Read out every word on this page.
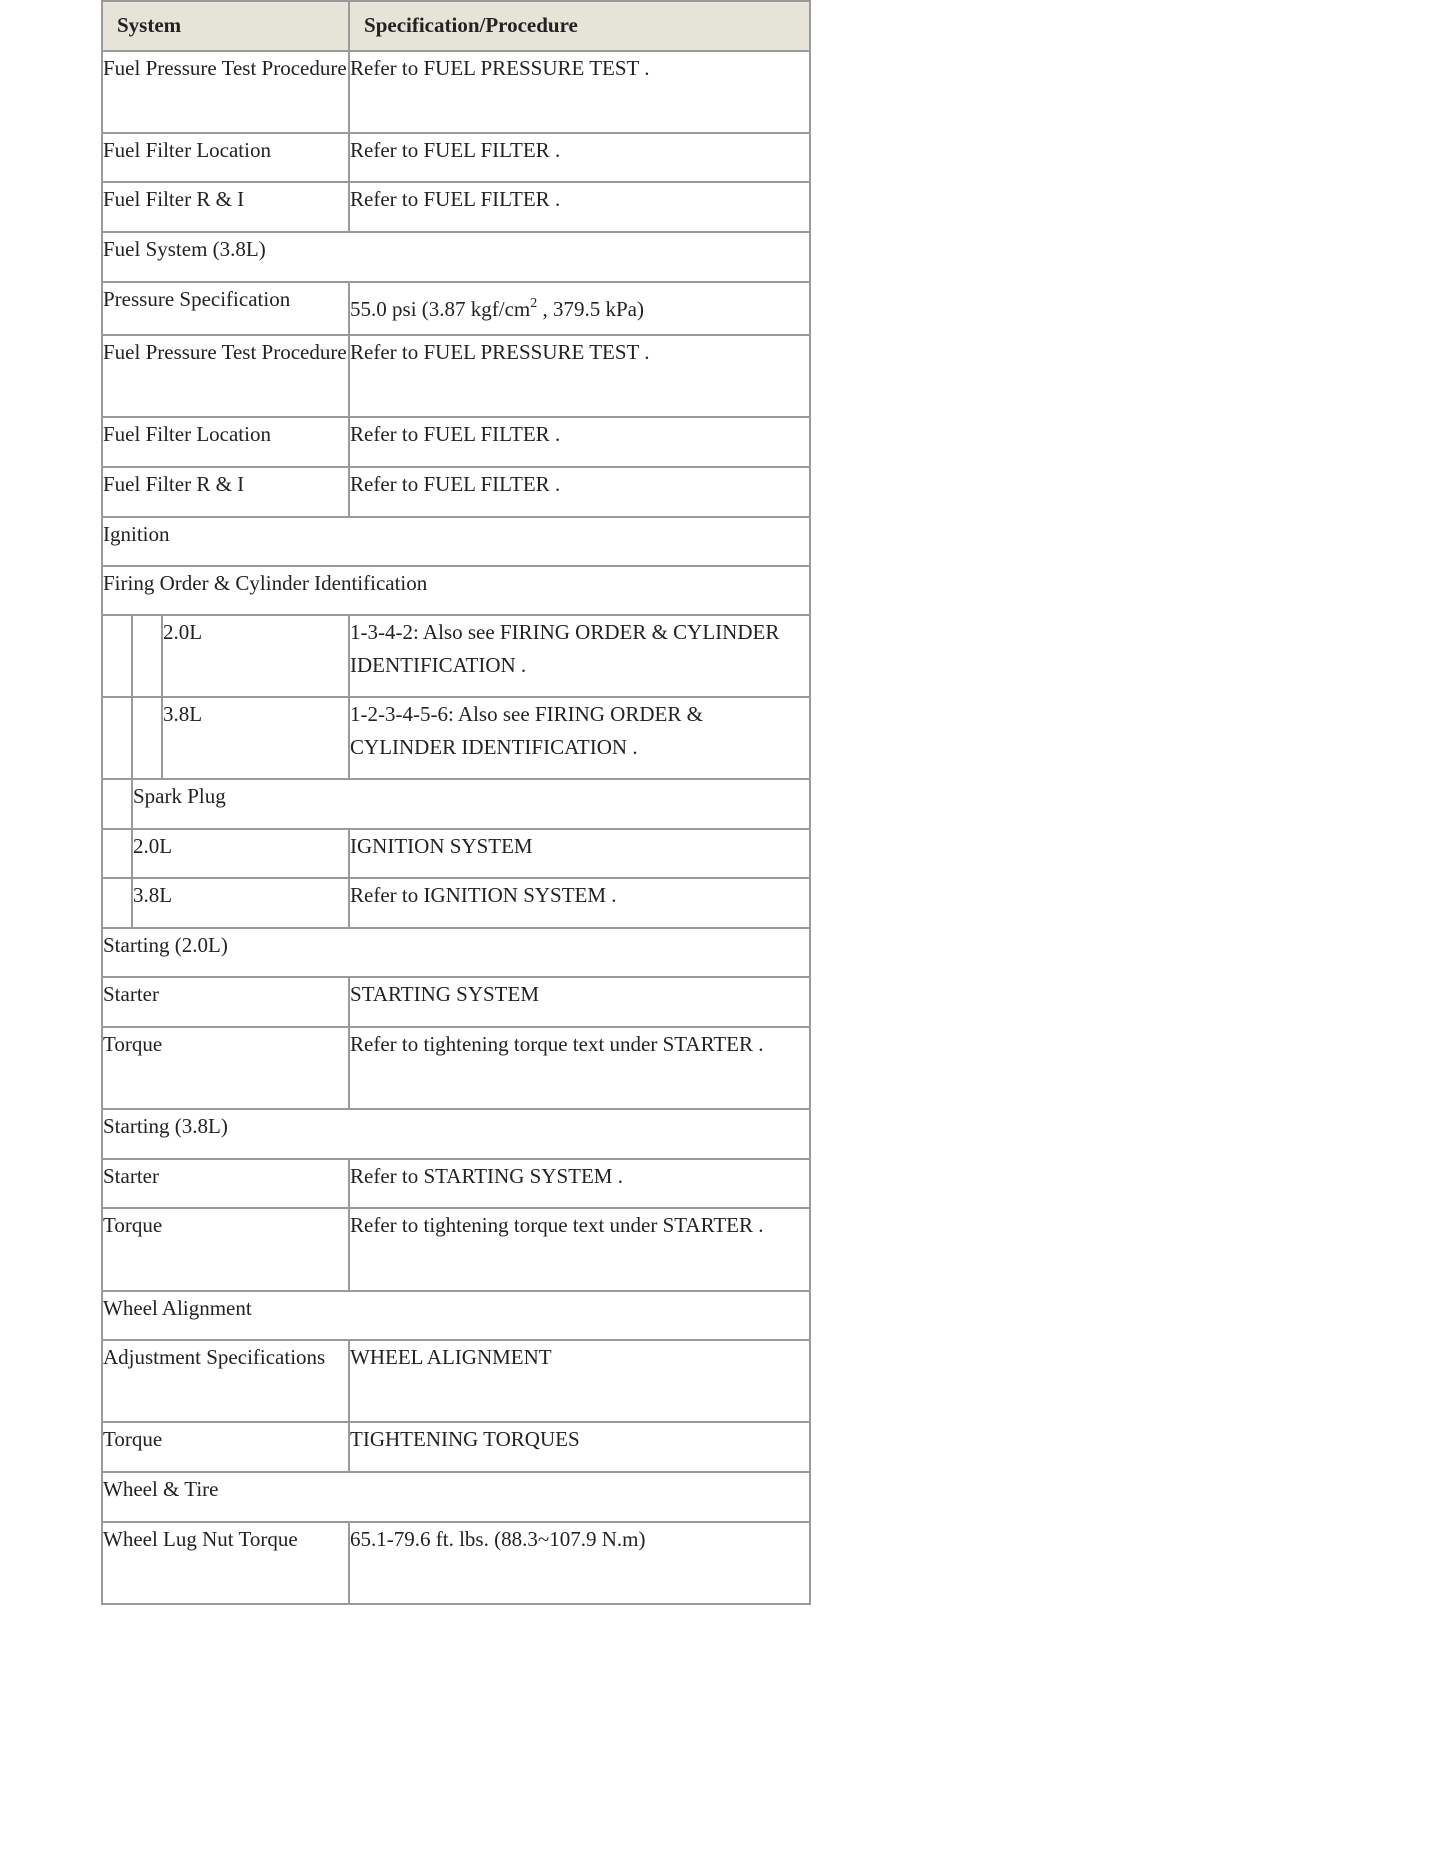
System			Specification/Procedure
Fuel Pressure Test Procedure			Refer to FUEL PRESSURE TEST .
Fuel Filter Location			Refer to FUEL FILTER .
Fuel Filter R & I			Refer to FUEL FILTER .
Fuel System (3.8L)			
Pressure Specification			55.0 psi (3.87 kgf/$cm^2$ , 379.5 kPa)
Fuel Pressure Test Procedure			Refer to FUEL PRESSURE TEST .
Fuel Filter Location			Refer to FUEL FILTER .
Fuel Filter R & I			Refer to FUEL FILTER .
Ignition			
Firing Order & Cylinder Identification			
		2.0L	1-3-4-2: Also see FIRING ORDER & CYLINDER IDENTIFICATION .
		3.8L	1-2-3-4-5-6: Also see FIRING ORDER & CYLINDER IDENTIFICATION .
	Spark Plug		
	2.0L		IGNITION SYSTEM
	3.8L		Refer to IGNITION SYSTEM .
Starting (2.0L)			
Starter			STARTING SYSTEM
Torque			Refer to tightening torque text under STARTER .
Starting (3.8L)			
Starter			Refer to STARTING SYSTEM .
Torque			Refer to tightening torque text under STARTER .
Wheel Alignment			
Adjustment Specifications			WHEEL ALIGNMENT
Torque			TIGHTENING TORQUES
Wheel & Tire			
Wheel Lug Nut Torque			65.1-79.6 ft. lbs. (88.3~107.9 N.m)
